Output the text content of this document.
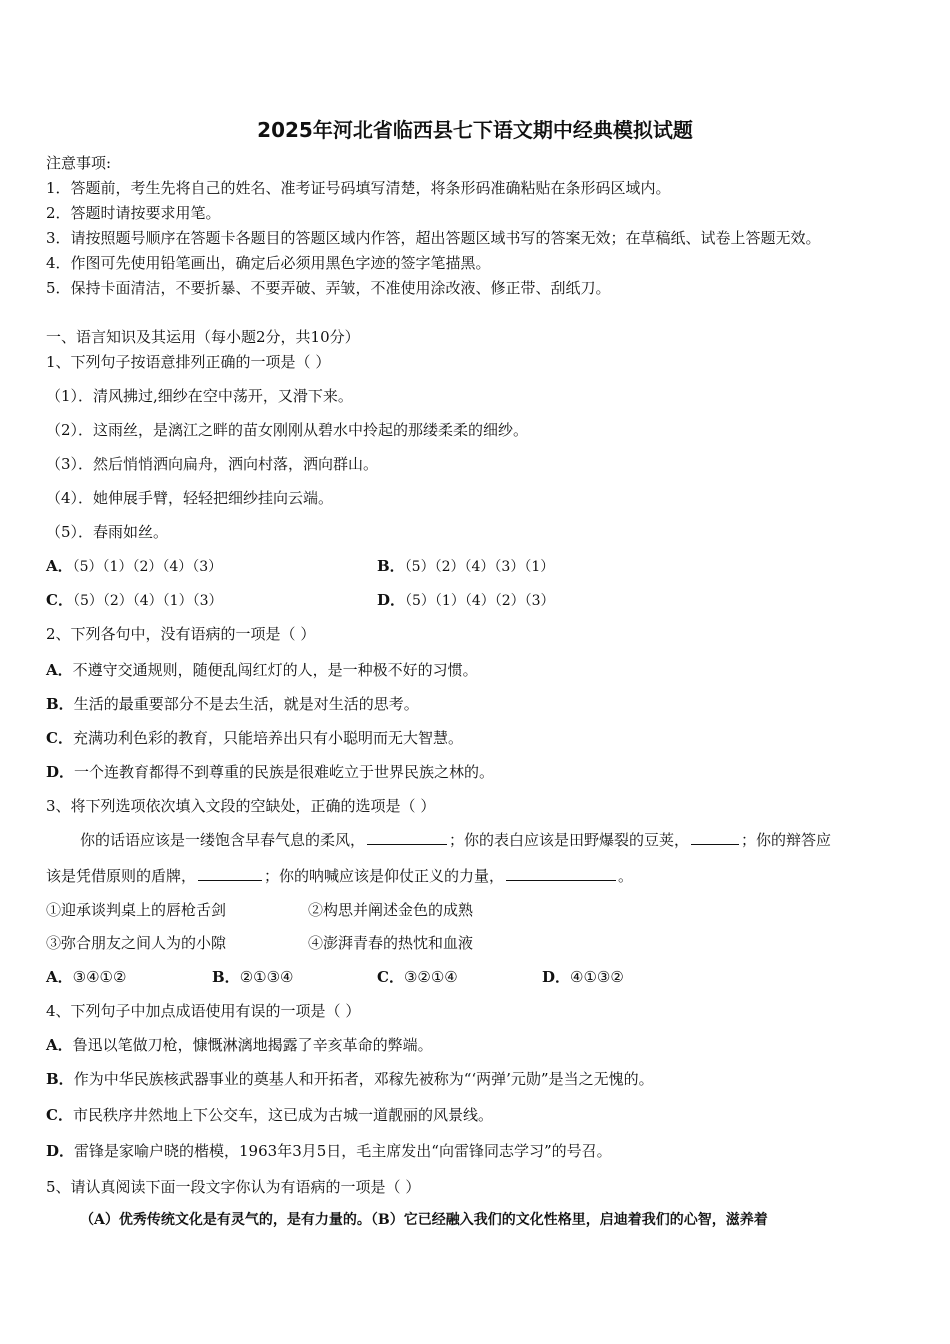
2025年河北省临西县七下语文期中经典模拟试题
注意事项:
1．答题前，考生先将自己的姓名、准考证号码填写清楚，将条形码准确粘贴在条形码区域内。
2．答题时请按要求用笔。
3．请按照题号顺序在答题卡各题目的答题区域内作答，超出答题区域书写的答案无效；在草稿纸、试卷上答题无效。
4．作图可先使用铅笔画出，确定后必须用黑色字迹的签字笔描黑。
5．保持卡面清洁，不要折暴、不要弄破、弄皱，不准使用涂改液、修正带、刮纸刀。
一、语言知识及其运用（每小题2分，共10分）
1、下列句子按语意排列正确的一项是（ ）
（1）．清风拂过,细纱在空中荡开，又滑下来。
（2）．这雨丝，是漓江之畔的苗女刚刚从碧水中拎起的那缕柔柔的细纱。
（3）．然后悄悄洒向扁舟，洒向村落，洒向群山。
（4）．她伸展手臂，轻轻把细纱挂向云端。
（5）．春雨如丝。
A．（5）（1）（2）（4）（3）	B．（5）（2）（4）（3）（1）
C．（5）（2）（4）（1）（3）	D．（5）（1）（4）（2）（3）
2、下列各句中，没有语病的一项是（ ）
A．不遵守交通规则，随便乱闯红灯的人，是一种极不好的习惯。
B．生活的最重要部分不是去生活，就是对生活的思考。
C．充满功利色彩的教育，只能培养出只有小聪明而无大智慧。
D．一个连教育都得不到尊重的民族是很难屹立于世界民族之林的。
3、将下列选项依次填入文段的空缺处，正确的选项是（ ）
你的话语应该是一缕饱含早春气息的柔风，	；你的表白应该是田野爆裂的豆荚，	；你的辩答应
该是凭借原则的盾牌，	；你的呐喊应该是仰仗正义的力量，	。
①迎承谈判桌上的唇枪舌剑	②构思并阐述金色的成熟
③弥合朋友之间人为的小隙	④澎湃青春的热忱和血液
A．③④①②	B．②①③④	C．③②①④	D．④①③②
4、下列句子中加点成语使用有误的一项是（ ）
A．鲁迅以笔做刀枪，慷慨淋漓地揭露了辛亥革命的弊端。
B．作为中华民族核武器事业的奠基人和开拓者，邓稼先被称为“‘两弹’元勋”是当之无愧的。
C．市民秩序井然地上下公交车，这已成为古城一道靓丽的风景线。
D．雷锋是家喻户晓的楷模，1963年3月5日，毛主席发出“向雷锋同志学习”的号召。
5、请认真阅读下面一段文字你认为有语病的一项是（ ）
（A）优秀传统文化是有灵气的，是有力量的。（B）它已经融入我们的文化性格里，启迪着我们的心智，滋养着
